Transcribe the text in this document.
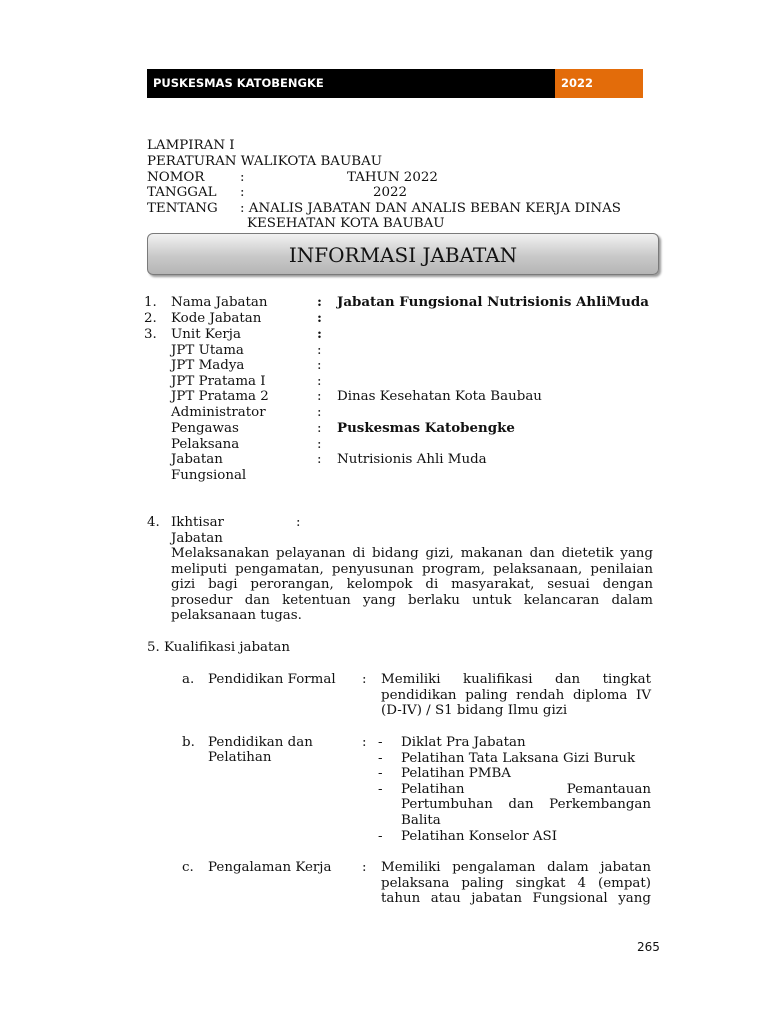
PUSKESMAS KATOBENGKE	2022
LAMPIRAN I
PERATURAN WALIKOTA BAUBAU
NOMOR	:	TAHUN 2022
TANGGAL :	2022
TENTANG : ANALIS JABATAN DAN ANALIS BEBAN KERJA DINAS
KESEHATAN KOTA BAUBAU
INFORMASI JABATAN
1. Nama Jabatan	: Jabatan Fungsional Nutrisionis AhliMuda
2. Kode Jabatan	:
3. Unit Kerja	:
JPT Utama	:
JPT Madya	:
JPT Pratama I	:
JPT Pratama 2	: Dinas Kesehatan Kota Baubau
Administrator	:
Pengawas	: Puskesmas Katobengke
Pelaksana	:
Jabatan	: Nutrisionis Ahli Muda
Fungsional
4. Ikhtisar	:
Jabatan
Melaksanakan pelayanan di bidang gizi, makanan dan dietetik yang
meliputi pengamatan, penyusunan program, pelaksanaan, penilaian
gizi bagi perorangan, kelompok di masyarakat, sesuai dengan
prosedur dan ketentuan yang berlaku untuk kelancaran dalam
pelaksanaan tugas.
5. Kualifikasi jabatan
a. Pendidikan Formal : Memiliki kualifikasi dan tingkat
pendidikan paling rendah diploma IV
(D-IV) / S1 bidang Ilmu gizi
b. Pendidikan dan
Pelatihan
: - Diklat Pra Jabatan
- Pelatihan Tata Laksana Gizi Buruk
- Pelatihan PMBA
- Pelatihan Pemantauan
Pertumbuhan dan Perkembangan
Balita
- Pelatihan Konselor ASI
c. Pengalaman Kerja : Memiliki pengalaman dalam jabatan
pelaksana paling singkat 4 (empat)
tahun atau jabatan Fungsional yang
265
